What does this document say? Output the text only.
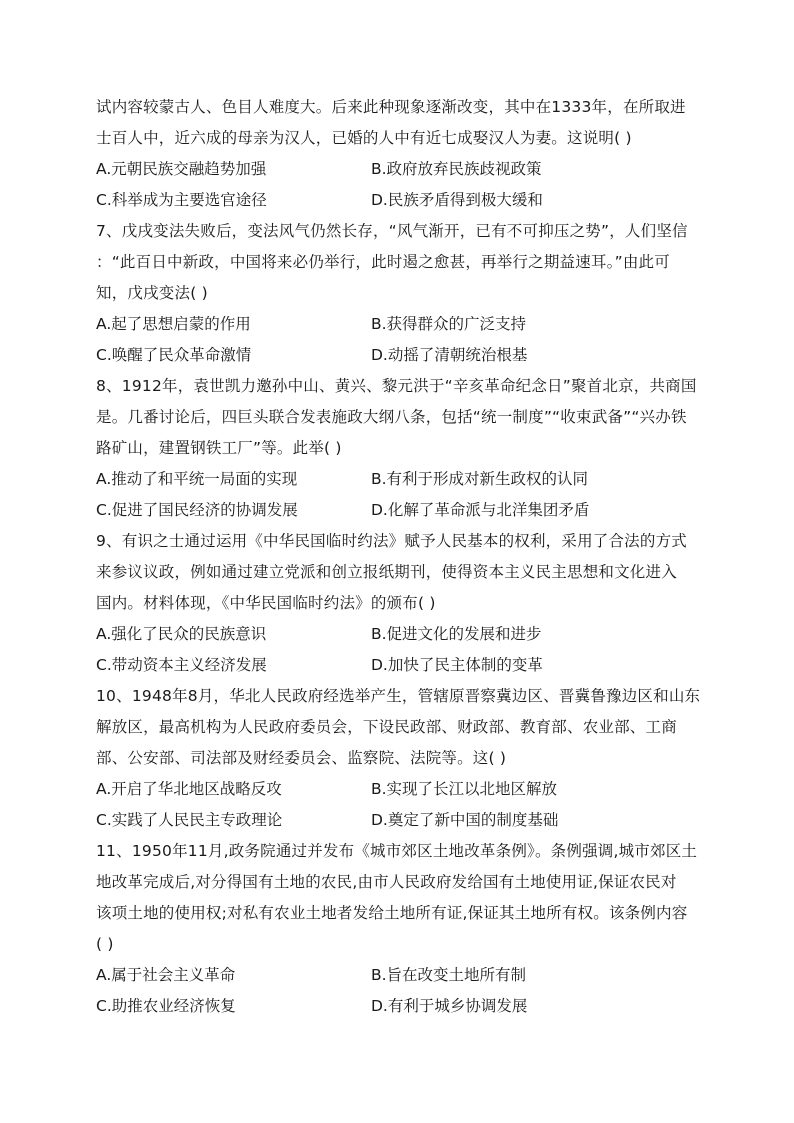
试内容较蒙古人、色目人难度大。后来此种现象逐渐改变，其中在1333年，在所取进
士百人中，近六成的母亲为汉人，已婚的人中有近七成娶汉人为妻。这说明( )
A.元朝民族交融趋势加强	B.政府放弃民族歧视政策
C.科举成为主要选官途径	D.民族矛盾得到极大缓和
7、戊戌变法失败后，变法风气仍然长存，“风气渐开，已有不可抑压之势”，人们坚信
：“此百日中新政，中国将来必仍举行，此时遏之愈甚，再举行之期益速耳。”由此可
知，戊戌变法( )
A.起了思想启蒙的作用	B.获得群众的广泛支持
C.唤醒了民众革命激情	D.动摇了清朝统治根基
8、1912年，袁世凯力邀孙中山、黄兴、黎元洪于“辛亥革命纪念日”聚首北京，共商国
是。几番讨论后，四巨头联合发表施政大纲八条，包括“统一制度”“收束武备”“兴办铁
路矿山，建置钢铁工厂”等。此举( )
A.推动了和平统一局面的实现	B.有利于形成对新生政权的认同
C.促进了国民经济的协调发展	D.化解了革命派与北洋集团矛盾
9、有识之士通过运用《中华民国临时约法》赋予人民基本的权利，采用了合法的方式
来参议议政，例如通过建立党派和创立报纸期刊，使得资本主义民主思想和文化进入
国内。材料体现，《中华民国临时约法》的颁布( )
A.强化了民众的民族意识	B.促进文化的发展和进步
C.带动资本主义经济发展	D.加快了民主体制的变革
10、1948年8月，华北人民政府经选举产生，管辖原晋察冀边区、晋冀鲁豫边区和山东
解放区，最高机构为人民政府委员会，下设民政部、财政部、教育部、农业部、工商
部、公安部、司法部及财经委员会、监察院、法院等。这( )
A.开启了华北地区战略反攻	B.实现了长江以北地区解放
C.实践了人民民主专政理论	D.奠定了新中国的制度基础
11、1950年11月,政务院通过并发布《城市郊区土地改革条例》。条例强调,城市郊区土
地改革完成后,对分得国有土地的农民,由市人民政府发给国有土地使用证,保证农民对
该项土地的使用权;对私有农业土地者发给土地所有证,保证其土地所有权。该条例内容
( )
A.属于社会主义革命	B.旨在改变土地所有制
C.助推农业经济恢复	D.有利于城乡协调发展
